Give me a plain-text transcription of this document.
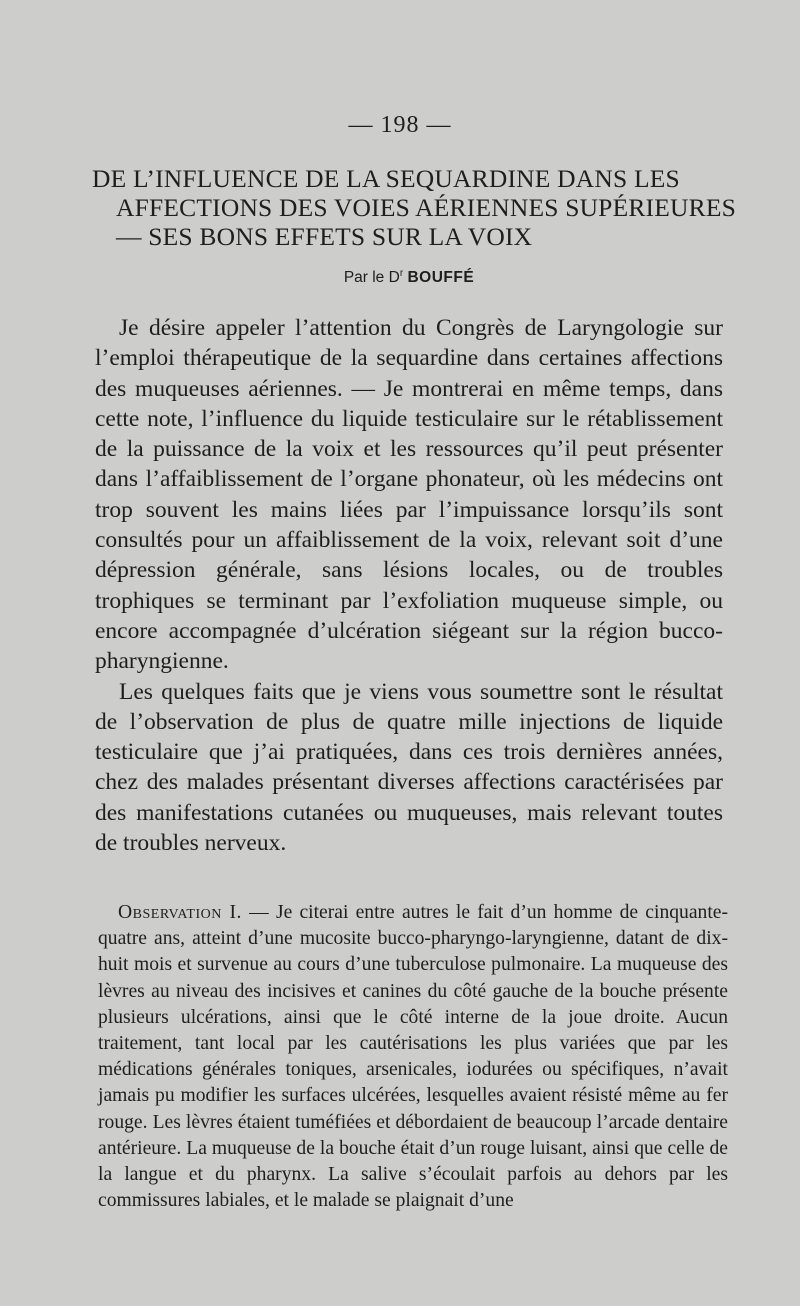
— 198 —
DE L’INFLUENCE DE LA SEQUARDINE DANS LES
AFFECTIONS DES VOIES AÉRIENNES SUPÉRIEURES
— SES BONS EFFETS SUR LA VOIX
Par le $D^r$ BOUFFÉ

Je désire appeler l’attention du Congrès de Laryngologie sur l’emploi thérapeutique de la sequardine dans certaines affections des muqueuses aériennes. — Je montrerai en même temps, dans cette note, l’influence du liquide testiculaire sur le rétablissement de la puissance de la voix et les ressources qu’il peut présenter dans l’affaiblissement de l’organe phonateur, où les médecins ont trop souvent les mains liées par l’impuissance lorsqu’ils sont consultés pour un affaiblissement de la voix, relevant soit d’une dépression générale, sans lésions locales, ou de troubles trophiques se terminant par l’exfoliation muqueuse simple, ou encore accompagnée d’ulcération siégeant sur la région bucco-pharyngienne.

Les quelques faits que je viens vous soumettre sont le résultat de l’observation de plus de quatre mille injections de liquide testiculaire que j’ai pratiquées, dans ces trois dernières années, chez des malades présentant diverses affections caractérisées par des manifestations cutanées ou muqueuses, mais relevant toutes de troubles nerveux.

Observation I. — Je citerai entre autres le fait d’un homme de cinquante-quatre ans, atteint d’une mucosite bucco-pharyngo-laryngienne, datant de dix-huit mois et survenue au cours d’une tuberculose pulmonaire. La muqueuse des lèvres au niveau des incisives et canines du côté gauche de la bouche présente plusieurs ulcérations, ainsi que le côté interne de la joue droite. Aucun traitement, tant local par les cautérisations les plus variées que par les médications générales toniques, arsenicales, iodurées ou spécifiques, n’avait jamais pu modifier les surfaces ulcérées, lesquelles avaient résisté même au fer rouge. Les lèvres étaient tuméfiées et débordaient de beaucoup l’arcade dentaire antérieure. La muqueuse de la bouche était d’un rouge luisant, ainsi que celle de la langue et du pharynx. La salive s’écoulait parfois au dehors par les commissures labiales, et le malade se plaignait d’une
